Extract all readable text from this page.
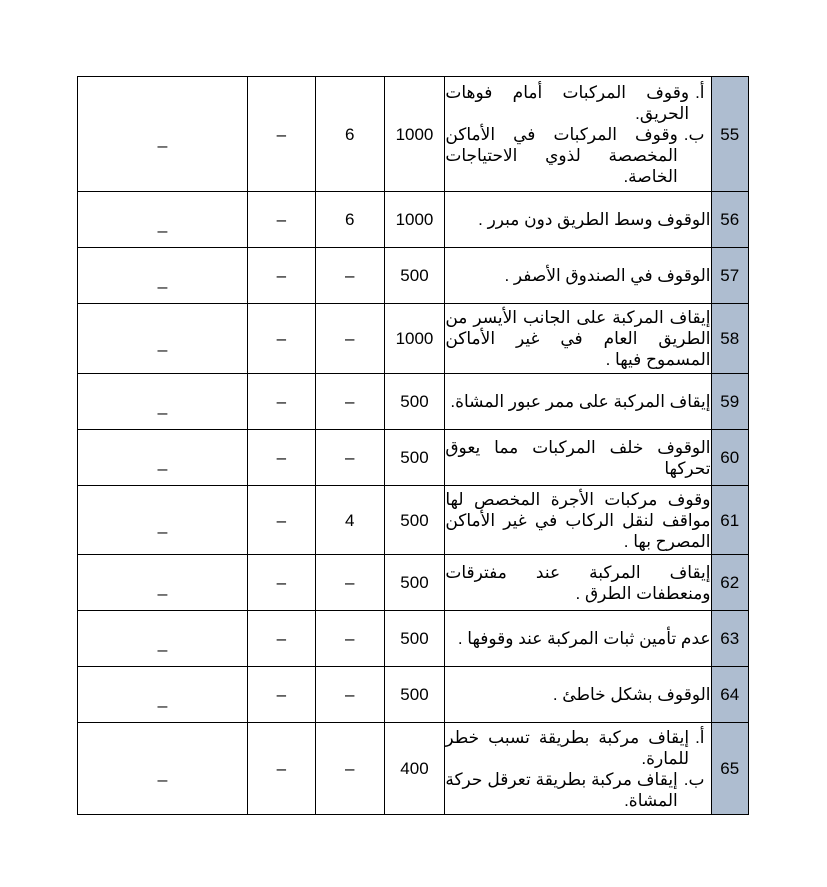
_	–	6	1000	أ.
وقوف المركبات أمام فوهات الحريق.
ب.
وقوف المركبات في الأماكن المخصصة لذوي الاحتياجات الخاصة.	55
_	–	6	1000	الوقوف وسط الطريق دون مبرر .	56
_	–	–	500	الوقوف في الصندوق الأصفر .	57
_	–	–	1000	إيقاف المركبة على الجانب الأيسر من الطريق العام في غير الأماكن المسموح فيها .	58
_	–	–	500	إيقاف المركبة على ممر عبور المشاة.	59
_	–	–	500	الوقوف خلف المركبات مما يعوق تحركها	60
_	–	4	500	وقوف مركبات الأجرة المخصص لها مواقف لنقل الركاب في غير الأماكن المصرح بها .	61
_	–	–	500	إيقاف المركبة عند مفترقات ومنعطفات الطرق .	62
_	–	–	500	عدم تأمين ثبات المركبة عند وقوفها .	63
_	–	–	500	الوقوف بشكل خاطئ .	64
_	–	–	400	أ.
إيقاف مركبة بطريقة تسبب خطر للمارة.
ب.
إيقاف مركبة بطريقة تعرقل حركة المشاة.	65
